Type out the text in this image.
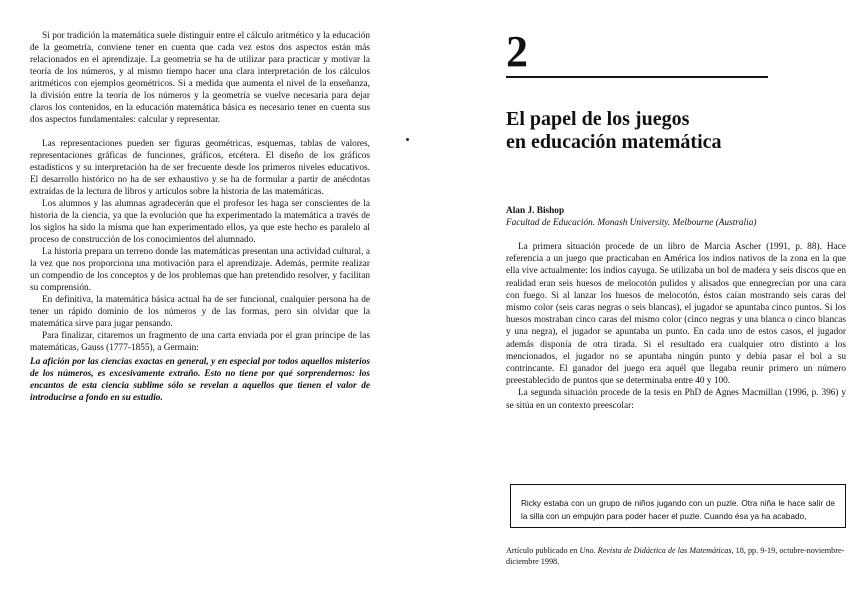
Si por tradición la matemática suele distinguir entre el cálculo aritmético y la educación de la geometría, conviene tener en cuenta que cada vez estos dos aspectos están más relacionados en el aprendizaje. La geometría se ha de utilizar para practicar y motivar la teoría de los números, y al mismo tiempo hacer una clara interpretación de los cálculos aritméticos con ejemplos geométricos. Si a medida que aumenta el nivel de la enseñanza, la división entre la teoría de los números y la geometría se vuelve necesaria para dejar claros los contenidos, en la educación matemática básica es necesario tener en cuenta sus dos aspectos fundamentales: calcular y representar.

Las representaciones pueden ser figuras geométricas, esquemas, tablas de valores, representaciones gráficas de funciones, gráficos, etcétera. El diseño de los gráficos estadísticos y su interpretación ha de ser frecuente desde los primeros niveles educativos. El desarrollo histórico no ha de ser exhaustivo y se ha de formular a partir de anécdotas extraídas de la lectura de libros y artículos sobre la historia de las matemáticas.

Los alumnos y las alumnas agradecerán que el profesor les haga ser conscientes de la historia de la ciencia, ya que la evolución que ha experimentado la matemática a través de los siglos ha sido la misma que han experimentado ellos, ya que este hecho es paralelo al proceso de construcción de los conocimientos del alumnado.

La historia prepara un terreno donde las matemáticas presentan una actividad cultural, a la vez que nos proporciona una motivación para el aprendizaje. Además, permite realizar un compendio de los conceptos y de los problemas que han pretendido resolver, y facilitan su comprensión.

En definitiva, la matemática básica actual ha de ser funcional, cualquier persona ha de tener un rápido dominio de los números y de las formas, pero sin olvidar que la matemática sirve para jugar pensando.

Para finalizar, citaremos un fragmento de una carta enviada por el gran príncipe de las matemáticas, Gauss (1777-1855), a Germain:

La afición por las ciencias exactas en general, y en especial por todos aquellos misterios de los números, es excesivamente extraño. Esto no tiene por qué sorprendernos: los encantos de esta ciencia sublime sólo se revelan a aquellos que tienen el valor de introducirse a fondo en su estudio.

2
El papel de los juegos
en educación matemática
Alan J. Bishop
Facultad de Educación. Monash University. Melbourne (Australia)

La primera situación procede de un libro de Marcia Ascher (1991, p. 88). Hace referencia a un juego que practicaban en América los indios nativos de la zona en la que ella vive actualmente: los indios cayuga. Se utilizaba un bol de madera y seis discos que en realidad eran seis huesos de melocotón pulidos y alisados que ennegrecían por una cara con fuego. Si al lanzar los huesos de melocotón, éstos caían mostrando seis caras del mismo color (seis caras negras o seis blancas), el jugador se apuntaba cinco puntos. Si los huesos mostraban cinco caras del mismo color (cinco negras y una blanca o cinco blancas y una negra), el jugador se apuntaba un punto. En cada uno de estos casos, el jugador además disponía de otra tirada. Si el resultado era cualquier otro distinto a los mencionados, el jugador no se apuntaba ningún punto y debía pasar el bol a su contrincante. El ganador del juego era aquél que llegaba reunir primero un número preestablecido de puntos que se determinaba entre 40 y 100.

La segunda situación procede de la tesis en PhD de Agnes Macmillan (1996, p. 396) y se sitúa en un contexto preescolar:

Ricky estaba con un grupo de niños jugando con un puzle. Otra niña le hace salir de la silla con un empujón para poder hacer el puzle. Cuando ésa ya ha acabado,
Artículo publicado en Uno. Revista de Didáctica de las Matemáticas, 18, pp. 9-19, octubre-noviembre-diciembre 1998.
